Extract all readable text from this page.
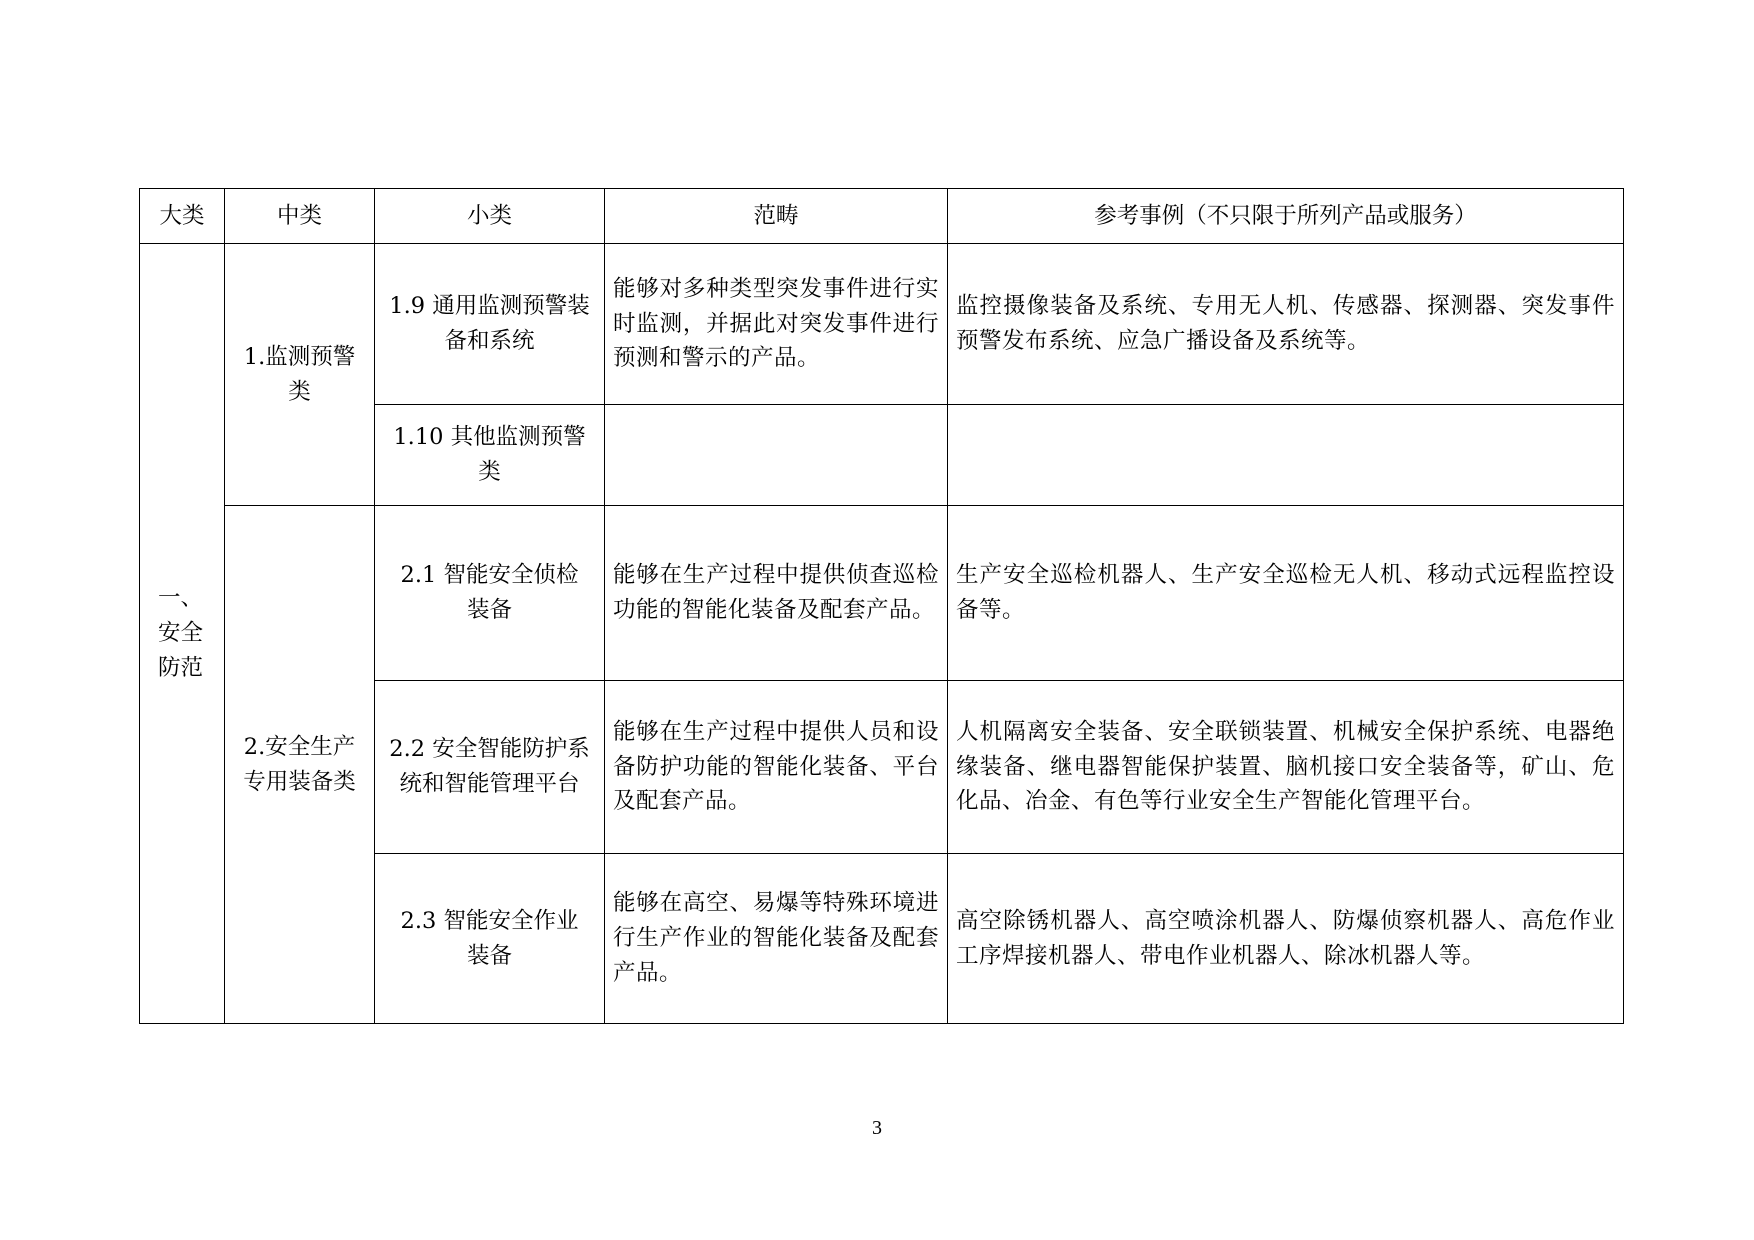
大类	中类	小类	范畴	参考事例（不只限于所列产品或服务）

一、安全防范	1.监测预警类	1.9 通用监测预警装备和系统	能够对多种类型突发事件进行实时监测，并据此对突发事件进行预测和警示的产品。	监控摄像装备及系统、专用无人机、传感器、探测器、突发事件预警发布系统、应急广播设备及系统等。

		1.10 其他监测预警类		

	2.安全生产专用装备类	2.1 智能安全侦检装备	能够在生产过程中提供侦查巡检功能的智能化装备及配套产品。	生产安全巡检机器人、生产安全巡检无人机、移动式远程监控设备等。
		2.2 安全智能防护系统和智能管理平台	能够在生产过程中提供人员和设备防护功能的智能化装备、平台及配套产品。	人机隔离安全装备、安全联锁装置、机械安全保护系统、电器绝缘装备、继电器智能保护装置、脑机接口安全装备等，矿山、危化品、冶金、有色等行业安全生产智能化管理平台。

		2.3 智能安全作业装备	能够在高空、易爆等特殊环境进行生产作业的智能化装备及配套产品。	高空除锈机器人、高空喷涂机器人、防爆侦察机器人、高危作业工序焊接机器人、带电作业机器人、除冰机器人等。
3
